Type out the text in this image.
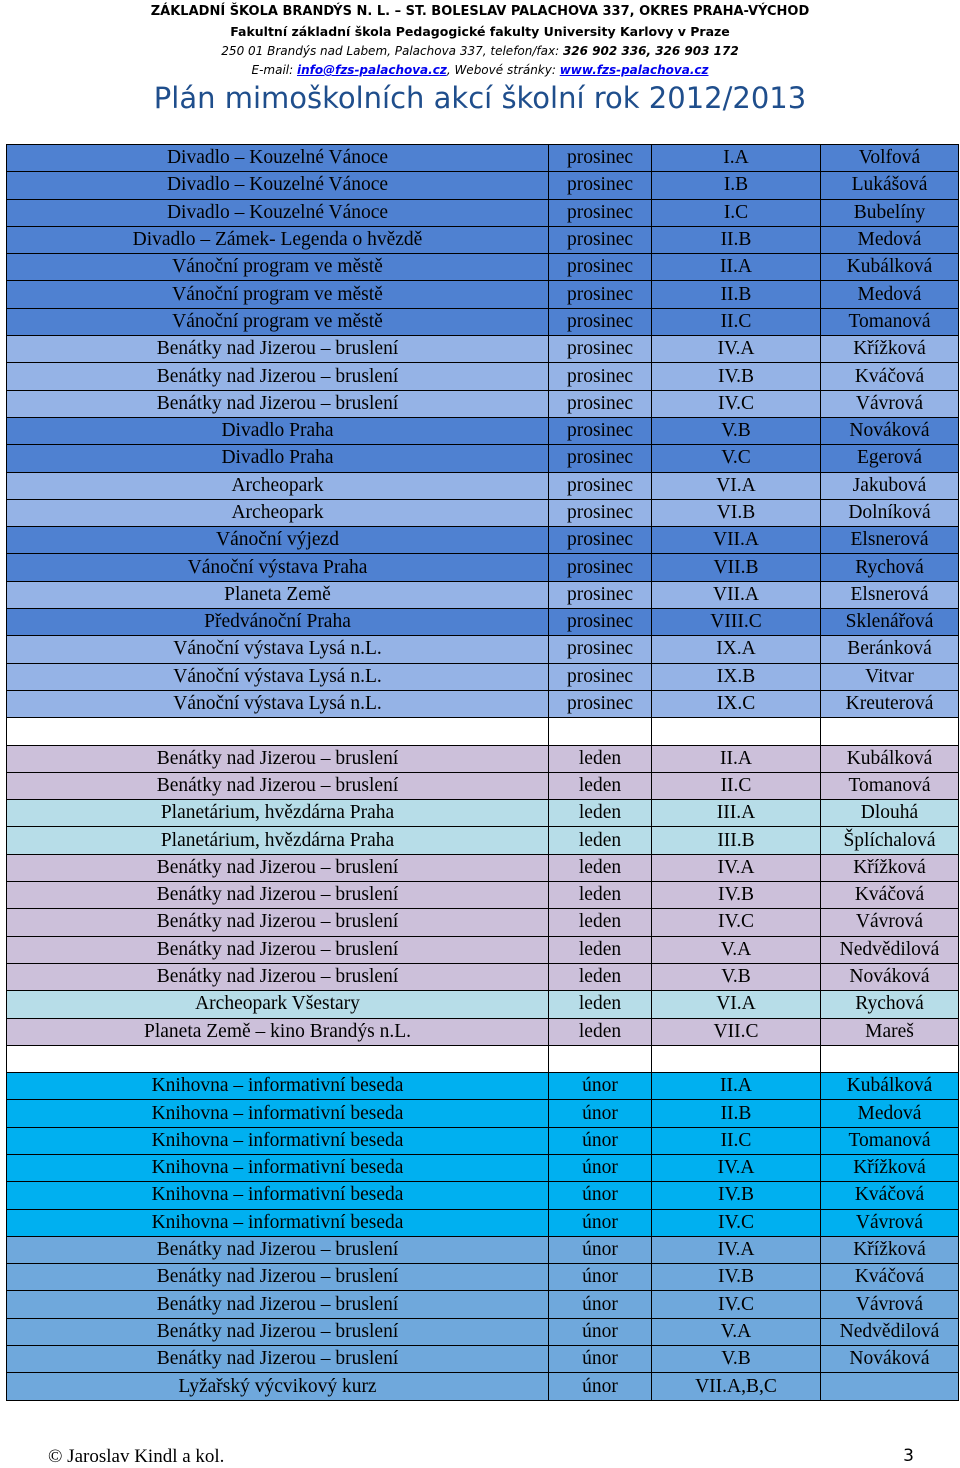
ZÁKLADNÍ ŠKOLA BRANDÝS N. L. – ST. BOLESLAV PALACHOVA 337, OKRES PRAHA-VÝCHOD
Fakultní základní škola Pedagogické fakulty University Karlovy v Praze
250 01 Brandýs nad Labem, Palachova 337, telefon/fax: 326 902 336, 326 903 172
E-mail: info@fzs-palachova.cz, Webové stránky: www.fzs-palachova.cz
Plán mimoškolních akcí školní rok 2012/2013
Divadlo – Kouzelné Vánoce	prosinec	I.A	Volfová
Divadlo – Kouzelné Vánoce	prosinec	I.B	Lukášová
Divadlo – Kouzelné Vánoce	prosinec	I.C	Bubelíny
Divadlo – Zámek- Legenda o hvězdě	prosinec	II.B	Medová
Vánoční program ve městě	prosinec	II.A	Kubálková
Vánoční program ve městě	prosinec	II.B	Medová
Vánoční program ve městě	prosinec	II.C	Tomanová
Benátky nad Jizerou – bruslení	prosinec	IV.A	Křížková
Benátky nad Jizerou – bruslení	prosinec	IV.B	Kváčová
Benátky nad Jizerou – bruslení	prosinec	IV.C	Vávrová
Divadlo Praha	prosinec	V.B	Nováková
Divadlo Praha	prosinec	V.C	Egerová
Archeopark	prosinec	VI.A	Jakubová
Archeopark	prosinec	VI.B	Dolníková
Vánoční výjezd	prosinec	VII.A	Elsnerová
Vánoční výstava Praha	prosinec	VII.B	Rychová
Planeta Země	prosinec	VII.A	Elsnerová
Předvánoční Praha	prosinec	VIII.C	Sklenářová
Vánoční výstava Lysá n.L.	prosinec	IX.A	Beránková
Vánoční výstava Lysá n.L.	prosinec	IX.B	Vitvar
Vánoční výstava Lysá n.L.	prosinec	IX.C	Kreuterová

Benátky nad Jizerou – bruslení	leden	II.A	Kubálková
Benátky nad Jizerou – bruslení	leden	II.C	Tomanová
Planetárium, hvězdárna Praha	leden	III.A	Dlouhá
Planetárium, hvězdárna Praha	leden	III.B	Šplíchalová
Benátky nad Jizerou – bruslení	leden	IV.A	Křížková
Benátky nad Jizerou – bruslení	leden	IV.B	Kváčová
Benátky nad Jizerou – bruslení	leden	IV.C	Vávrová
Benátky nad Jizerou – bruslení	leden	V.A	Nedvědilová
Benátky nad Jizerou – bruslení	leden	V.B	Nováková
Archeopark Všestary	leden	VI.A	Rychová
Planeta Země – kino Brandýs n.L.	leden	VII.C	Mareš

Knihovna – informativní beseda	únor	II.A	Kubálková
Knihovna – informativní beseda	únor	II.B	Medová
Knihovna – informativní beseda	únor	II.C	Tomanová
Knihovna – informativní beseda	únor	IV.A	Křížková
Knihovna – informativní beseda	únor	IV.B	Kváčová
Knihovna – informativní beseda	únor	IV.C	Vávrová
Benátky nad Jizerou – bruslení	únor	IV.A	Křížková
Benátky nad Jizerou – bruslení	únor	IV.B	Kváčová
Benátky nad Jizerou – bruslení	únor	IV.C	Vávrová
Benátky nad Jizerou – bruslení	únor	V.A	Nedvědilová
Benátky nad Jizerou – bruslení	únor	V.B	Nováková
Lyžařský výcvikový kurz	únor	VII.A,B,C	
© Jaroslav Kindl a kol.	3
